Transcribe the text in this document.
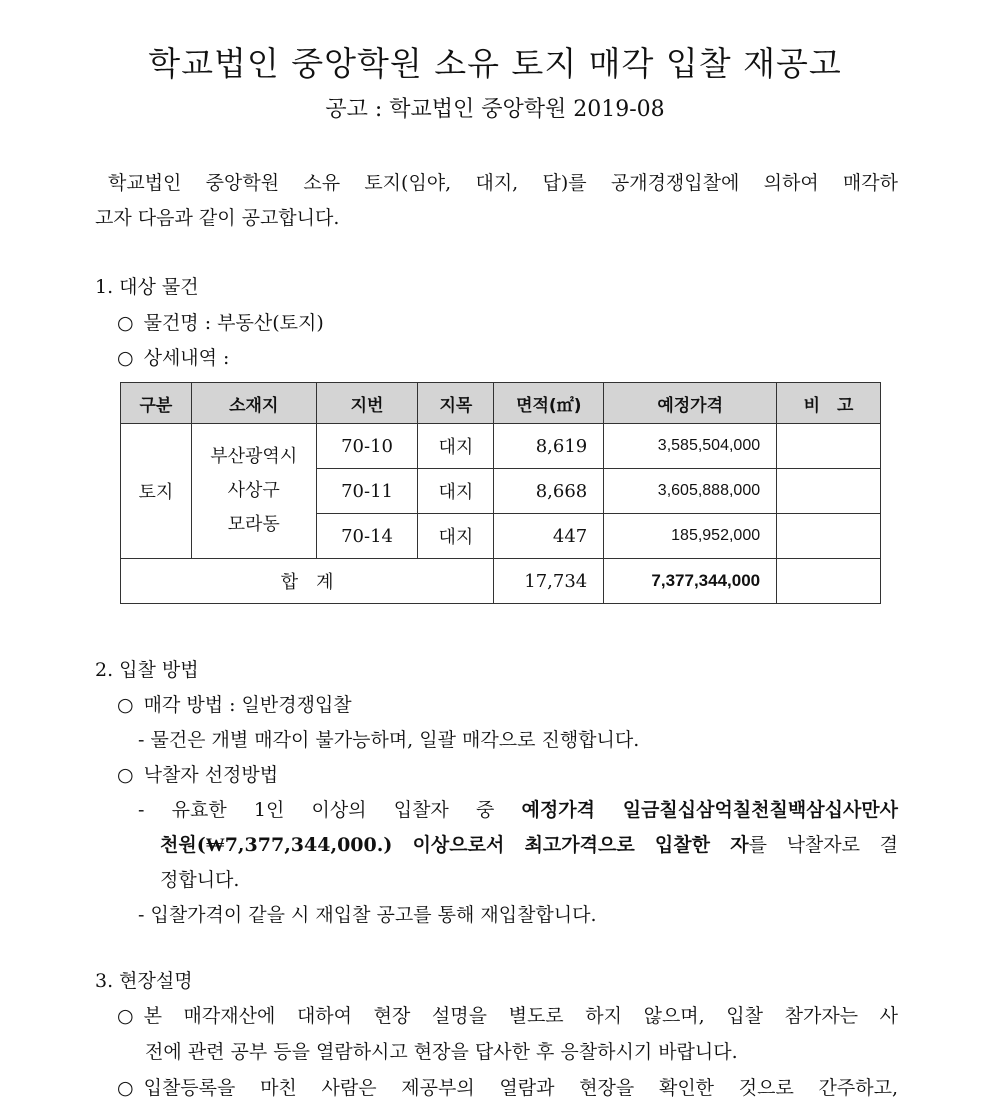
학교법인 중앙학원 소유 토지 매각 입찰 재공고
공고 : 학교법인 중앙학원 2019-08
학교법인 중앙학원 소유 토지(임야, 대지, 답)를 공개경쟁입찰에 의하여 매각하
고자 다음과 같이 공고합니다.
1. 대상 물건
○ 물건명 : 부동산(토지)
○ 상세내역 :
구분	소재지	지번	지목	면적(㎡)	예정가격	비　고
토지	부산광역시
사상구
모라동	70-10	대지	8,619	3,585,504,000	
		70-11	대지	8,668	3,605,888,000	
		70-14	대지	447	185,952,000	
합　계				17,734	7,377,344,000	
2. 입찰 방법
○ 매각 방법 : 일반경쟁입찰
- 물건은 개별 매각이 불가능하며, 일괄 매각으로 진행합니다.
○ 낙찰자 선정방법
- 유효한 1인 이상의 입찰자 중 예정가격 일금칠십삼억칠천칠백삼십사만사
천원(₩7,377,344,000.) 이상으로서 최고가격으로 입찰한 자를 낙찰자로 결
정합니다.
- 입찰가격이 같을 시 재입찰 공고를 통해 재입찰합니다.
3. 현장설명
○ 본 매각재산에 대하여 현장 설명을 별도로 하지 않으며, 입찰 참가자는 사
전에 관련 공부 등을 열람하시고 현장을 답사한 후 응찰하시기 바랍니다.
○ 입찰등록을 마친 사람은 제공부의 열람과 현장을 확인한 것으로 간주하고,
